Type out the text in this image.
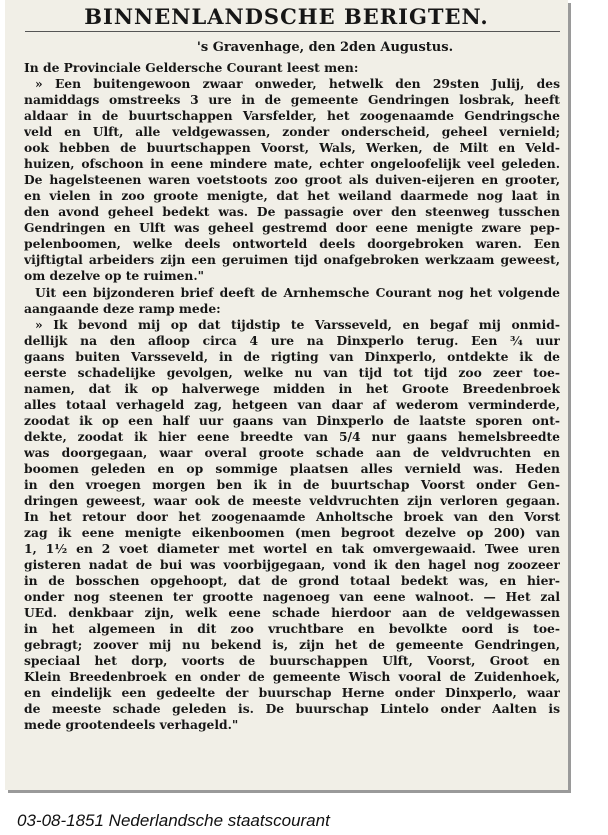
BINNENLANDSCHE BERIGTEN.
's Gravenhage, den 2den Augustus.
In de Provinciale Geldersche Courant leest men:
» Een buitengewoon zwaar onweder, hetwelk den 29sten Julij, des
namiddags omstreeks 3 ure in de gemeente Gendringen losbrak, heeft
aldaar in de buurtschappen Varsfelder, het zoogenaamde Gendringsche
veld en Ulft, alle veldgewassen, zonder onderscheid, geheel vernield;
ook hebben de buurtschappen Voorst, Wals, Werken, de Milt en Veld-
huizen, ofschoon in eene mindere mate, echter ongeloofelijk veel geleden.
De hagelsteenen waren voetstoots zoo groot als duiven-eijeren en grooter,
en vielen in zoo groote menigte, dat het weiland daarmede nog laat in
den avond geheel bedekt was. De passagie over den steenweg tusschen
Gendringen en Ulft was geheel gestremd door eene menigte zware pep-
pelenboomen, welke deels ontworteld deels doorgebroken waren. Een
vijftigtal arbeiders zijn een geruimen tijd onafgebroken werkzaam geweest,
om dezelve op te ruimen."
Uit een bijzonderen brief deeft de Arnhemsche Courant nog het volgende
aangaande deze ramp mede:
» Ik bevond mij op dat tijdstip te Varsseveld, en begaf mij onmid-
dellijk na den afloop circa 4 ure na Dinxperlo terug. Een ¾ uur
gaans buiten Varsseveld, in de rigting van Dinxperlo, ontdekte ik de
eerste schadelijke gevolgen, welke nu van tijd tot tijd zoo zeer toe-
namen, dat ik op halverwege midden in het Groote Breedenbroek
alles totaal verhageld zag, hetgeen van daar af wederom verminderde,
zoodat ik op een half uur gaans van Dinxperlo de laatste sporen ont-
dekte, zoodat ik hier eene breedte van 5/4 nur gaans hemelsbreedte
was doorgegaan, waar overal groote schade aan de veldvruchten en
boomen geleden en op sommige plaatsen alles vernield was. Heden
in den vroegen morgen ben ik in de buurtschap Voorst onder Gen-
dringen geweest, waar ook de meeste veldvruchten zijn verloren gegaan.
In het retour door het zoogenaamde Anholtsche broek van den Vorst
zag ik eene menigte eikenboomen (men begroot dezelve op 200) van
1, 1½ en 2 voet diameter met wortel en tak omvergewaaid. Twee uren
gisteren nadat de bui was voorbijgegaan, vond ik den hagel nog zoozeer
in de bosschen opgehoopt, dat de grond totaal bedekt was, en hier-
onder nog steenen ter grootte nagenoeg van eene walnoot. — Het zal
UEd. denkbaar zijn, welk eene schade hierdoor aan de veldgewassen
in het algemeen in dit zoo vruchtbare en bevolkte oord is toe-
gebragt; zoover mij nu bekend is, zijn het de gemeente Gendringen,
speciaal het dorp, voorts de buurschappen Ulft, Voorst, Groot en
Klein Breedenbroek en onder de gemeente Wisch vooral de Zuidenhoek,
en eindelijk een gedeelte der buurschap Herne onder Dinxperlo, waar
de meeste schade geleden is. De buurschap Lintelo onder Aalten is
mede grootendeels verhageld."
03-08-1851 Nederlandsche staatscourant
